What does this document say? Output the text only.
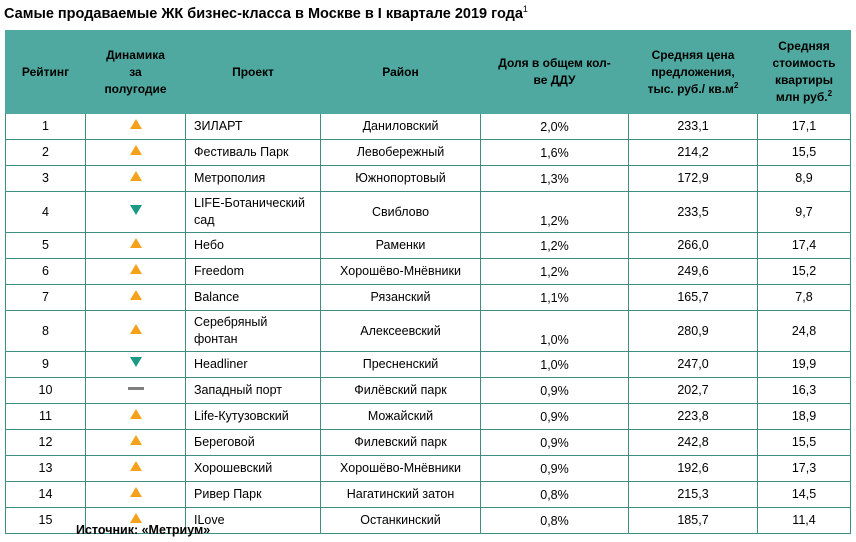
Самые продаваемые ЖК бизнес-класса в Москве в I квартале 2019 года$^1$
Рейтинг	Динамика
за
полугодие	Проект	Район	Доля в общем кол-
ве ДДУ	Средняя цена
предложения,
тыс. руб./ $кв.м^2$	Средняя
стоимость
квартиры
млн руб.$^2$
1		ЗИЛАРТ	Даниловский	2,0%	233,1	17,1
2		Фестиваль Парк	Левобережный	1,6%	214,2	15,5
3		Метрополия	Южнопортовый	1,3%	172,9	8,9
4		LIFE-Ботанический
сад	Свиблово	1,2%	233,5	9,7
5		Небо	Раменки	1,2%	266,0	17,4
6		Freedom	Хорошёво-Мнёвники	1,2%	249,6	15,2
7		Balance	Рязанский	1,1%	165,7	7,8
8		Серебряный
фонтан	Алексеевский	1,0%	280,9	24,8
9		Headliner	Пресненский	1,0%	247,0	19,9
10		Западный порт	Филёвский парк	0,9%	202,7	16,3
11		Life-Кутузовский	Можайский	0,9%	223,8	18,9
12		Береговой	Филевский парк	0,9%	242,8	15,5
13		Хорошевский	Хорошёво-Мнёвники	0,9%	192,6	17,3
14		Ривер Парк	Нагатинский затон	0,8%	215,3	14,5
15		ILove	Останкинский	0,8%	185,7	11,4
Источник: «Метриум»
